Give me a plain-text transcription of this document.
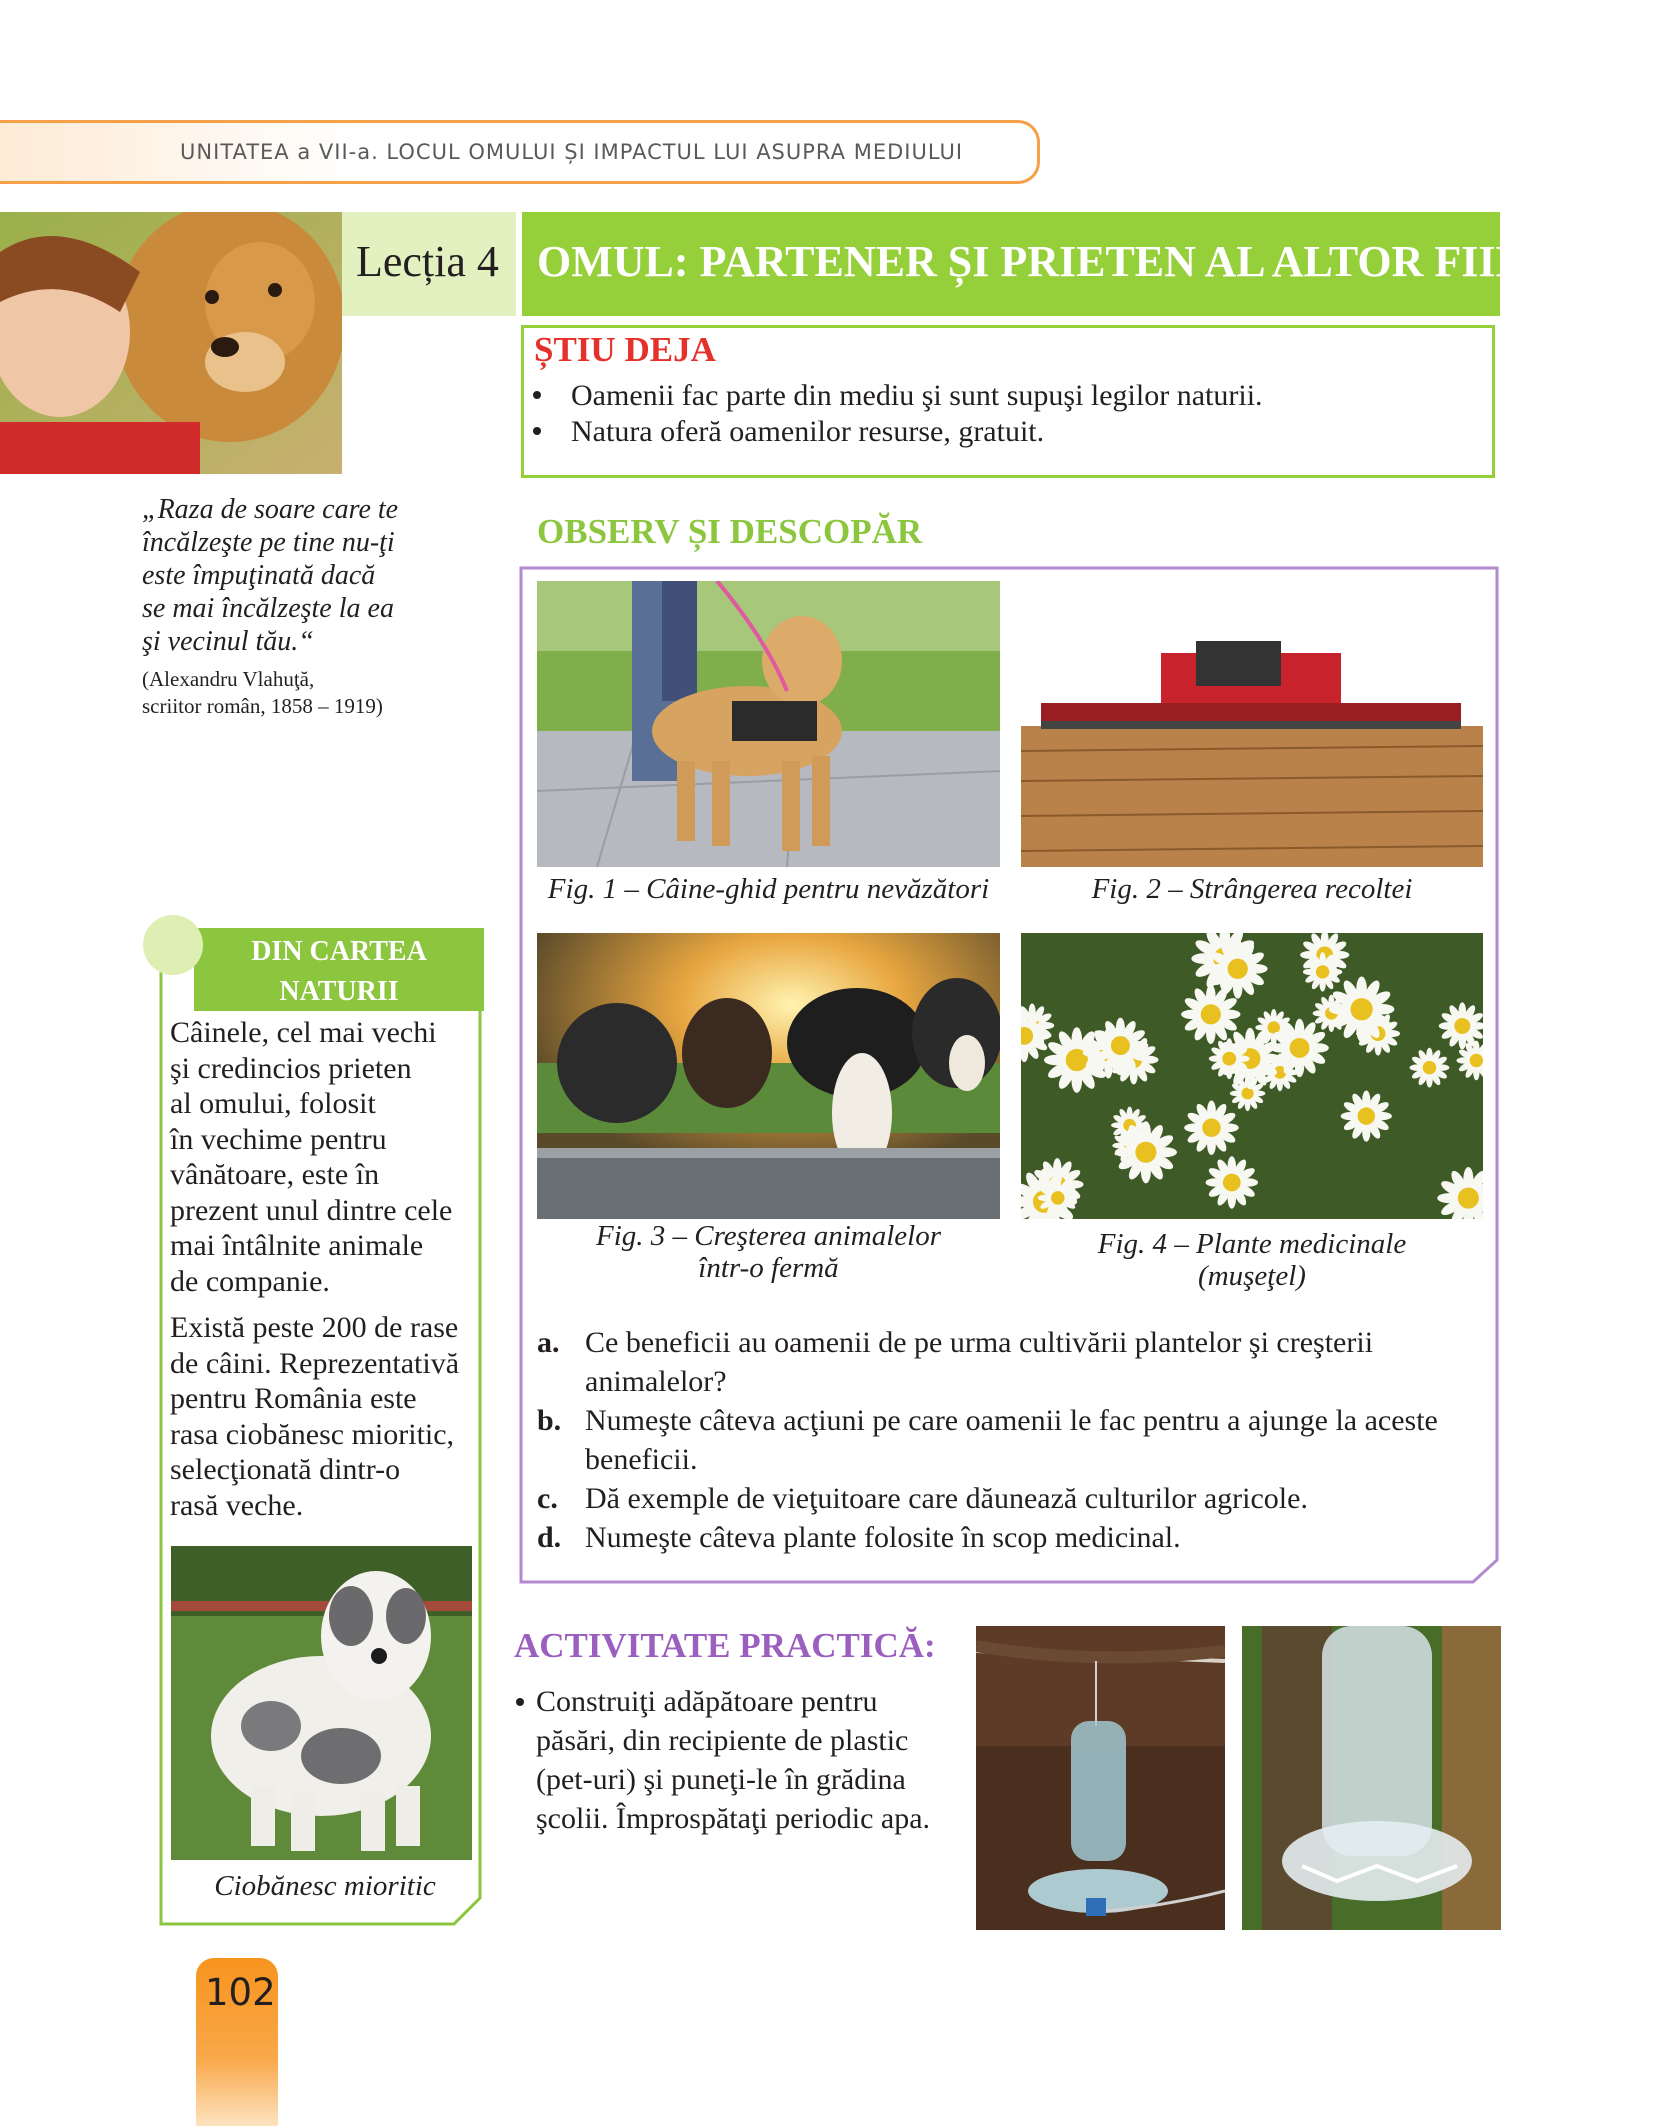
UNITATEA a VII-a. LOCUL OMULUI ȘI IMPACTUL LUI ASUPRA MEDIULUI
Lecția 4 OMUL: PARTENER ȘI PRIETEN AL ALTOR FIINȚE
ȘTIU DEJA
Oamenii fac parte din mediu şi sunt supuşi legilor naturii.
Natura oferă oamenilor resurse, gratuit.
„Raza de soare care te
încălzeşte pe tine nu-ţi
este împuţinată dacă
se mai încălzeşte la ea
şi vecinul tău.“
(Alexandru Vlahuţă,
scriitor român, 1858 – 1919)
OBSERV ȘI DESCOPĂR
Fig. 1 – Câine-ghid pentru nevăzători	Fig. 2 – Strângerea recoltei
Fig. 3 – Creşterea animalelor
într-o fermă
Fig. 4 – Plante medicinale
(muşeţel)
a. Ce beneficii au oamenii de pe urma cultivării plantelor şi creşterii
animalelor?
b. Numeşte câteva acţiuni pe care oamenii le fac pentru a ajunge la aceste
beneficii.
c. Dă exemple de vieţuitoare care dăunează culturilor agricole.
d. Numeşte câteva plante folosite în scop medicinal.
DIN CARTEA
NATURII
Câinele, cel mai vechi
şi credincios prieten
al omului, folosit
în vechime pentru
vânătoare, este în
prezent unul dintre cele
mai întâlnite animale
de companie.
Există peste 200 de rase
de câini. Reprezentativă
pentru România este
rasa ciobănesc mioritic,
selecţionată dintr-o
rasă veche.
Ciobănesc mioritic
ACTIVITATE PRACTICĂ:
Construiţi adăpătoare pentru
păsări, din recipiente de plastic
(pet-uri) şi puneţi-le în grădina
şcolii. Împrospătaţi periodic apa.
102
